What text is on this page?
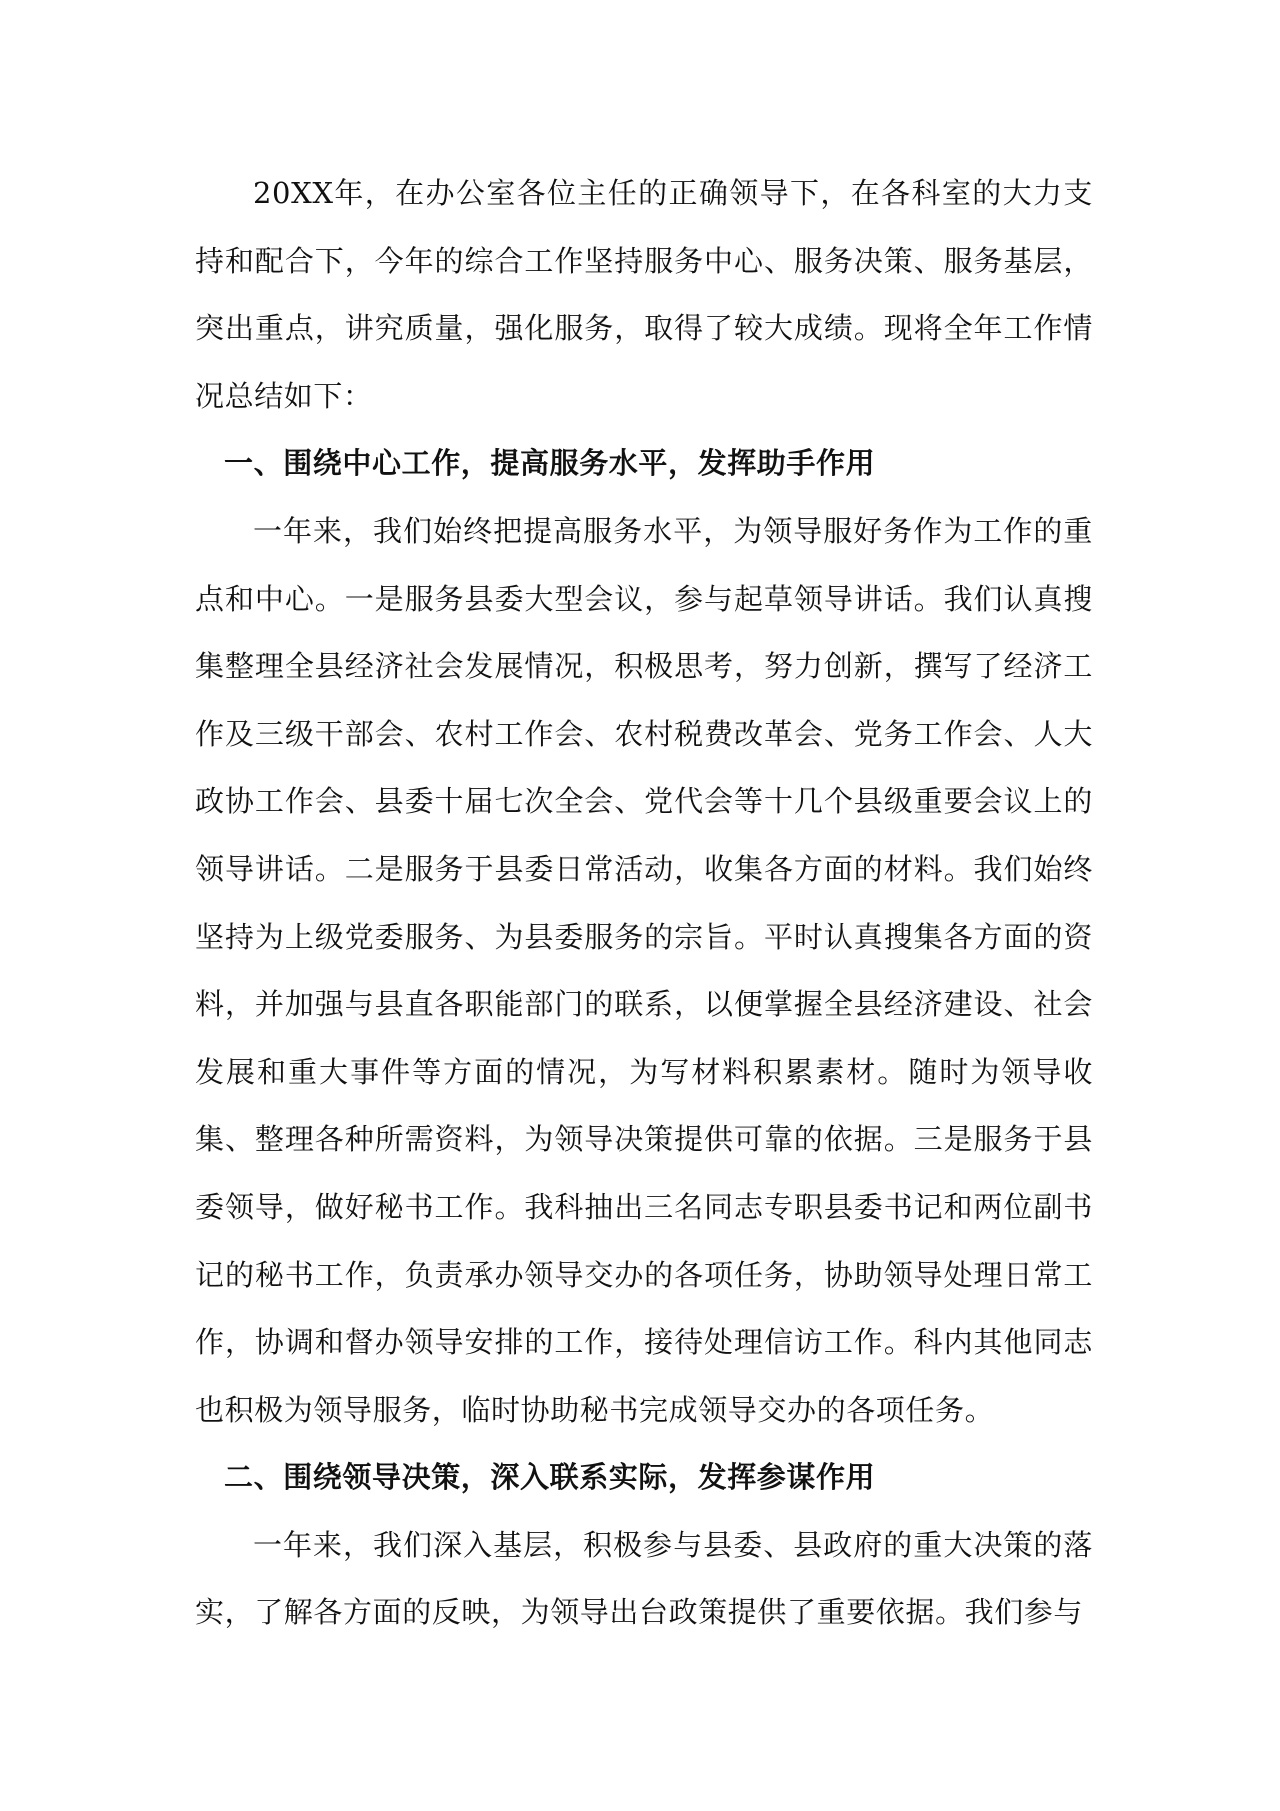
20XX年，在办公室各位主任的正确领导下，在各科室的大力支持和配合下，今年的综合工作坚持服务中心、服务决策、服务基层，突出重点，讲究质量，强化服务，取得了较大成绩。现将全年工作情况总结如下：

一、围绕中心工作，提高服务水平，发挥助手作用

一年来，我们始终把提高服务水平，为领导服好务作为工作的重点和中心。一是服务县委大型会议，参与起草领导讲话。我们认真搜集整理全县经济社会发展情况，积极思考，努力创新，撰写了经济工作及三级干部会、农村工作会、农村税费改革会、党务工作会、人大政协工作会、县委十届七次全会、党代会等十几个县级重要会议上的领导讲话。二是服务于县委日常活动，收集各方面的材料。我们始终坚持为上级党委服务、为县委服务的宗旨。平时认真搜集各方面的资料，并加强与县直各职能部门的联系，以便掌握全县经济建设、社会发展和重大事件等方面的情况，为写材料积累素材。随时为领导收集、整理各种所需资料，为领导决策提供可靠的依据。三是服务于县委领导，做好秘书工作。我科抽出三名同志专职县委书记和两位副书记的秘书工作，负责承办领导交办的各项任务，协助领导处理日常工作，协调和督办领导安排的工作，接待处理信访工作。科内其他同志也积极为领导服务，临时协助秘书完成领导交办的各项任务。

二、围绕领导决策，深入联系实际，发挥参谋作用

一年来，我们深入基层，积极参与县委、县政府的重大决策的落实，了解各方面的反映，为领导出台政策提供了重要依据。我们参与
